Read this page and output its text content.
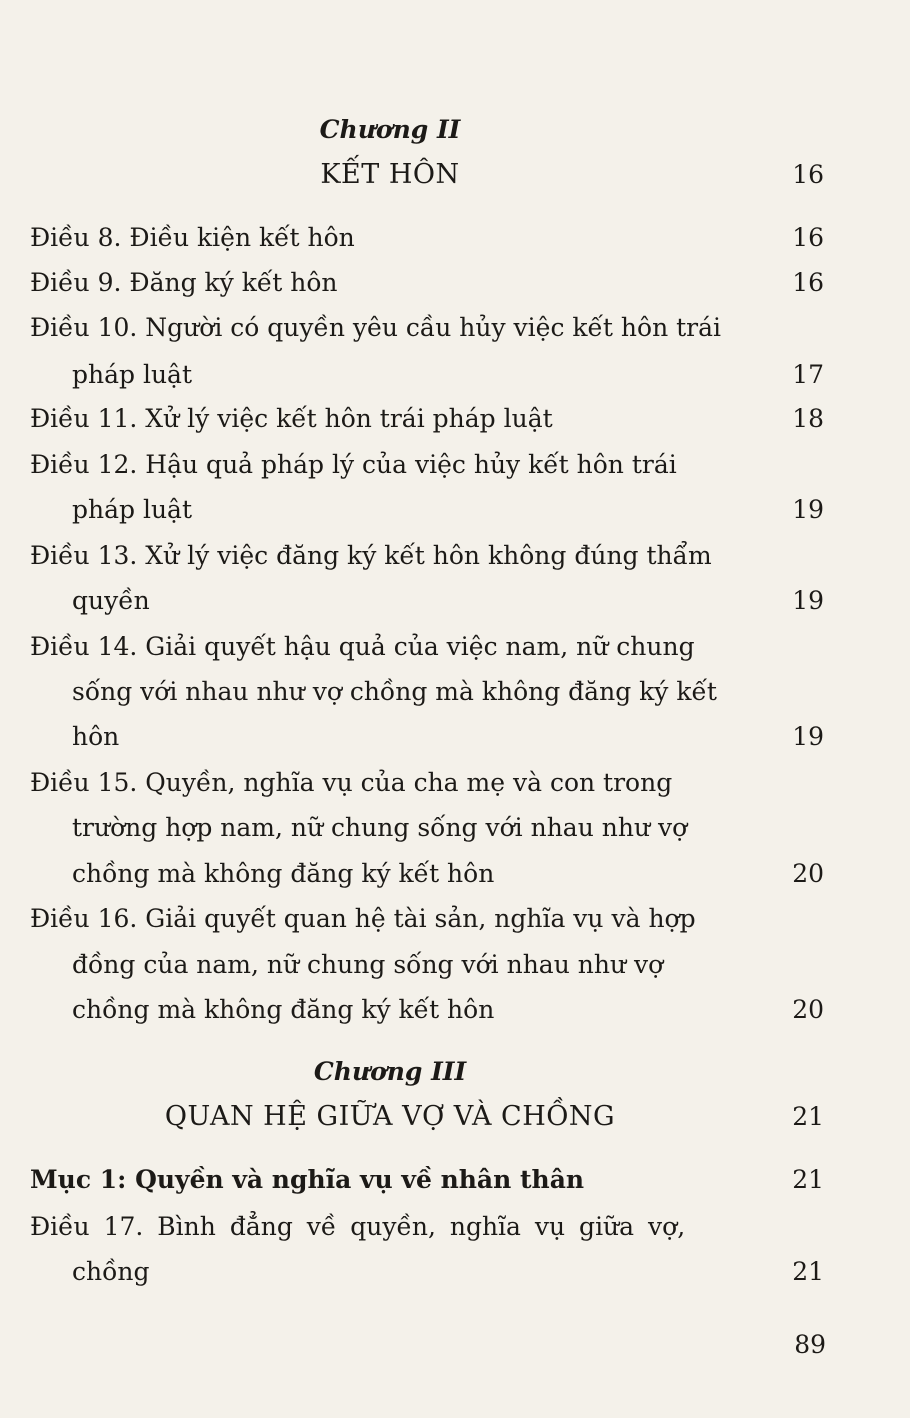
Chương II
KẾT HÔN	16
Điều 8. Điều kiện kết hôn	16
Điều 9. Đăng ký kết hôn	16
Điều 10. Người có quyền yêu cầu hủy việc kết hôn trái
pháp luật	17
Điều 11. Xử lý việc kết hôn trái pháp luật	18
Điều 12. Hậu quả pháp lý của việc hủy kết hôn trái
pháp luật	19
Điều 13. Xử lý việc đăng ký kết hôn không đúng thẩm
quyền	19
Điều 14. Giải quyết hậu quả của việc nam, nữ chung
sống với nhau như vợ chồng mà không đăng ký kết
hôn	19
Điều 15. Quyền, nghĩa vụ của cha mẹ và con trong
trường hợp nam, nữ chung sống với nhau như vợ
chồng mà không đăng ký kết hôn	20
Điều 16. Giải quyết quan hệ tài sản, nghĩa vụ và hợp
đồng của nam, nữ chung sống với nhau như vợ
chồng mà không đăng ký kết hôn	20
Chương III
QUAN HỆ GIỮA VỢ VÀ CHỒNG	21
Mục 1: Quyền và nghĩa vụ về nhân thân	21
Điều 17. Bình đẳng về quyền, nghĩa vụ giữa vợ,
chồng	21
89
